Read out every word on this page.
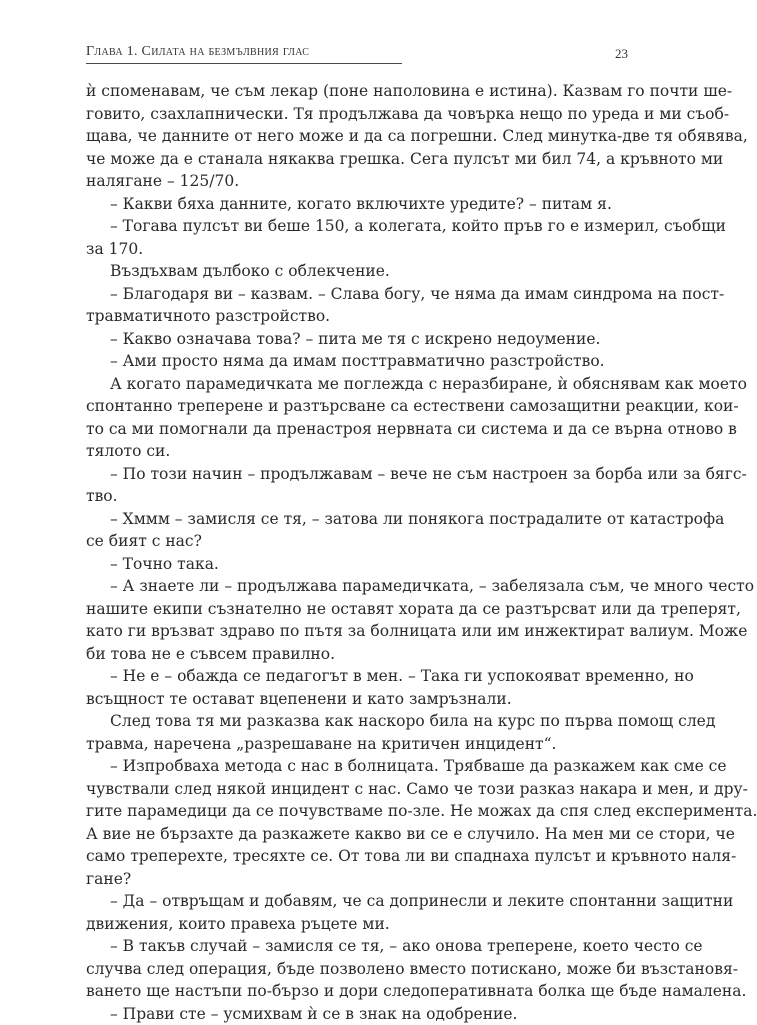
Глава 1. Силата на безмълвния глас	23
ѝ споменавам, че съм лекар (поне наполовина е истина). Казвам го почти ше-
говито, сзахлапнически. Тя продължава да човърка нещо по уреда и ми съоб-
щава, че данните от него може и да са погрешни. След минутка-две тя обявява,
че може да е станала някаква грешка. Сега пулсът ми бил 74, а кръвното ми
налягане – 125/70.
– Какви бяха данните, когато включихте уредите? – питам я.
– Тогава пулсът ви беше 150, а колегата, който пръв го е измерил, съобщи
за 170.
Въздъхвам дълбоко с облекчение.
– Благодаря ви – казвам. – Слава богу, че няма да имам синдрома на пост-
травматичното разстройство.
– Какво означава това? – пита ме тя с искрено недоумение.
– Ами просто няма да имам посттравматично разстройство.
А когато парамедичката ме поглежда с неразбиране, ѝ обяснявам как моето
спонтанно треперене и разтърсване са естествени самозащитни реакции, кои-
то са ми помогнали да пренастроя нервната си система и да се върна отново в
тялото си.
– По този начин – продължавам – вече не съм настроен за борба или за бягс-
тво.
– Хммм – замисля се тя, – затова ли понякога пострадалите от катастрофа
се бият с нас?
– Точно така.
– А знаете ли – продължава парамедичката, – забелязала съм, че много често
нашите екипи съзнателно не оставят хората да се разтърсват или да треперят,
като ги връзват здраво по пътя за болницата или им инжектират валиум. Може
би това не е съвсем правилно.
– Не е – обажда се педагогът в мен. – Така ги успокояват временно, но
всъщност те остават вцепенени и като замръзнали.
След това тя ми разказва как наскоро била на курс по първа помощ след
травма, наречена „разрешаване на критичен инцидент“.
– Изпробваха метода с нас в болницата. Трябваше да разкажем как сме се
чувствали след някой инцидент с нас. Само че този разказ накара и мен, и дру-
гите парамедици да се почувстваме по-зле. Не можах да спя след експеримента.
А вие не бързахте да разкажете какво ви се е случило. На мен ми се стори, че
само треперехте, тресяхте се. От това ли ви спаднаха пулсът и кръвното наля-
гане?
– Да – отвръщам и добавям, че са допринесли и леките спонтанни защитни
движения, които правеха ръцете ми.
– В такъв случай – замисля се тя, – ако онова треперене, което често се
случва след операция, бъде позволено вместо потискано, може би възстановя-
ването ще настъпи по-бързо и дори следоперативната болка ще бъде намалена.
– Прави сте – усмихвам ѝ се в знак на одобрение.
